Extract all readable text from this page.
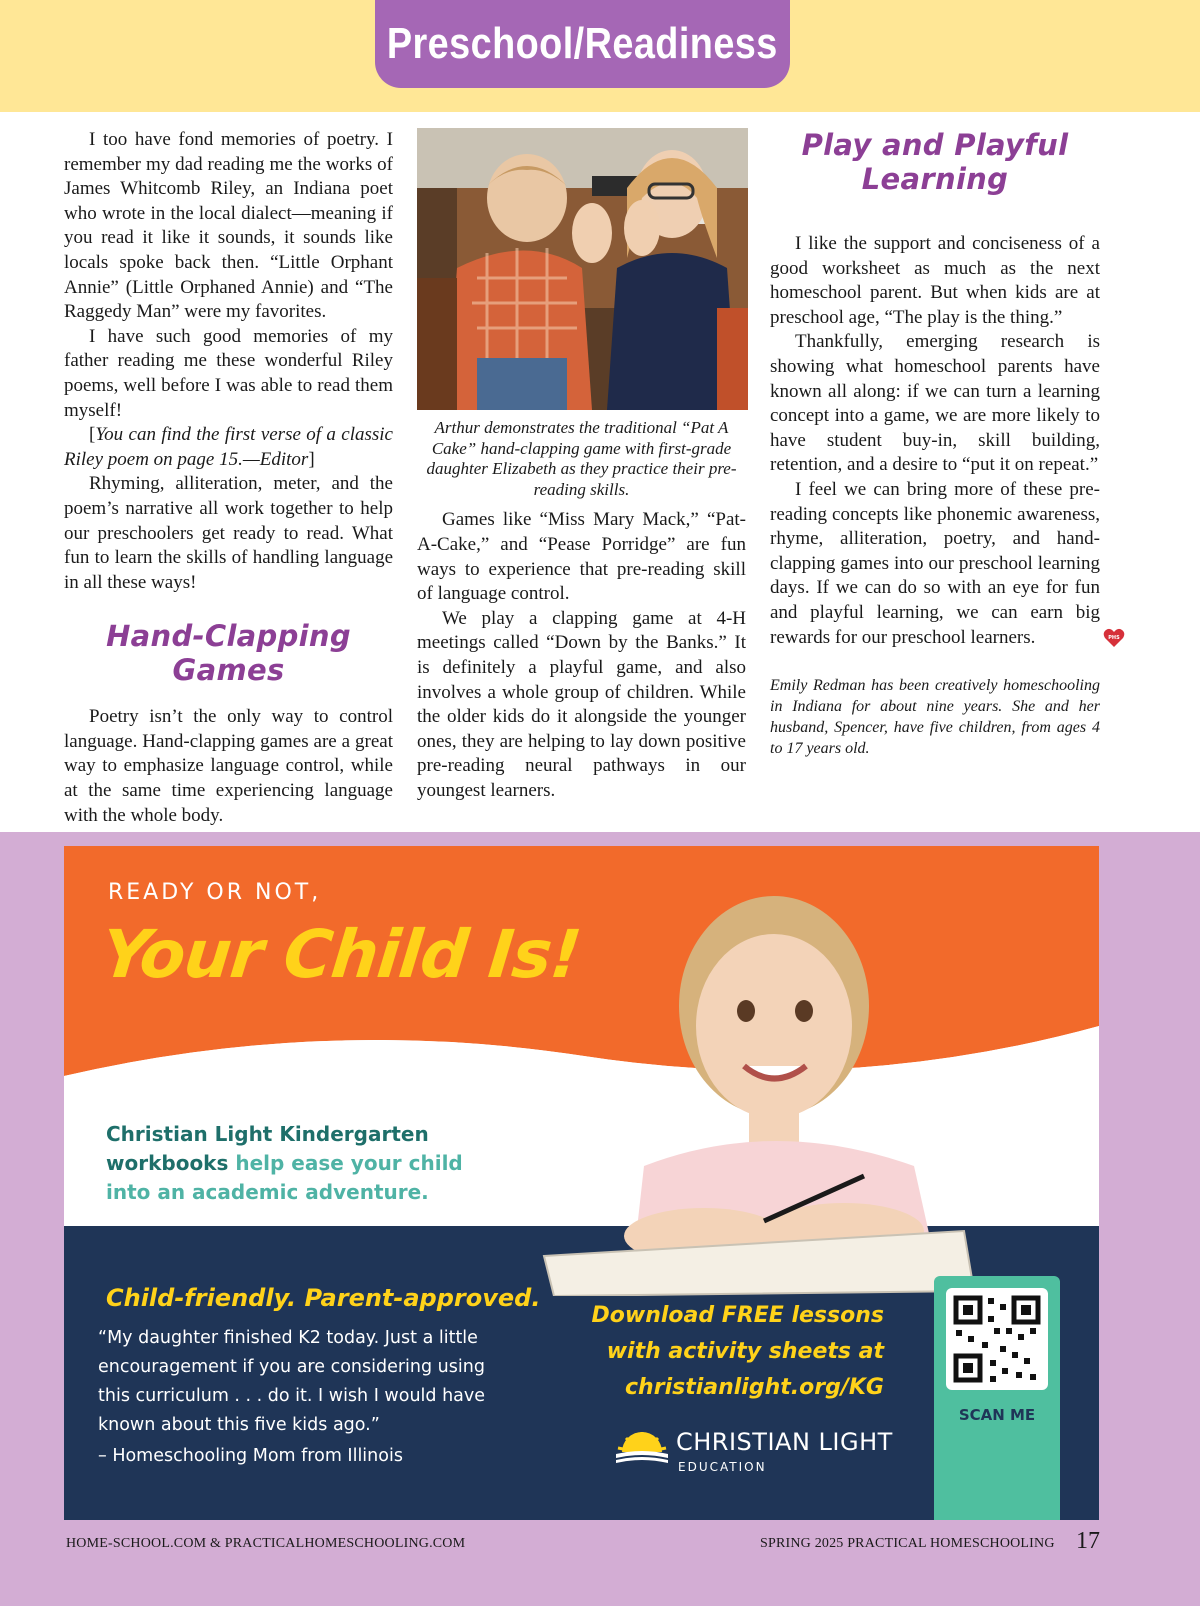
Preschool/Readiness

I too have fond memories of poetry. I remember my dad reading me the works of James Whitcomb Riley, an Indiana poet who wrote in the local dialect—meaning if you read it like it sounds, it sounds like locals spoke back then. “Little Orphant Annie” (Little Orphaned Annie) and “The Raggedy Man” were my favorites.

I have such good memories of my father reading me these wonderful Riley poems, well before I was able to read them myself!

[You can find the first verse of a classic Riley poem on page 15.—Editor]

Rhyming, alliteration, meter, and the poem’s narrative all work together to help our preschoolers get ready to read. What fun to learn the skills of handling language in all these ways!

Hand-Clapping Games

Poetry isn’t the only way to control language. Hand-clapping games are a great way to emphasize language control, while at the same time experiencing language with the whole body.

Arthur demonstrates the traditional “Pat A Cake” hand-clapping game with first-grade daughter Elizabeth as they practice their pre-reading skills.

Games like “Miss Mary Mack,” “Pat-A-Cake,” and “Pease Porridge” are fun ways to experience that pre-reading skill of language control.

We play a clapping game at 4-H meetings called “Down by the Banks.” It is definitely a playful game, and also involves a whole group of children. While the older kids do it alongside the younger ones, they are helping to lay down positive pre-reading neural pathways in our youngest learners.

Play and Playful Learning

I like the support and conciseness of a good worksheet as much as the next homeschool parent. But when kids are at preschool age, “The play is the thing.”

Thankfully, emerging research is showing what homeschool parents have known all along: if we can turn a learning concept into a game, we are more likely to have student buy-in, skill building, retention, and a desire to “put it on repeat.”

I feel we can bring more of these pre-reading concepts like phonemic awareness, rhyme, alliteration, poetry, and hand-clapping games into our preschool learning days. If we can do so with an eye for fun and playful learning, we can earn big rewards for our preschool learners.	PHS

Emily Redman has been creatively homeschooling in Indiana for about nine years. She and her husband, Spencer, have five children, from ages 4 to 17 years old.
READY OR NOT,
Your Child Is!
Christian Light Kindergarten workbooks help ease your child into an academic adventure.
Child-friendly. Parent-approved.
“My daughter finished K2 today. Just a little encouragement if you are considering using this curriculum . . . do it. I wish I would have known about this five kids ago.”
– Homeschooling Mom from Illinois
Download FREE lessons
with activity sheets at
christianlight.org/KG
CHRISTIAN LIGHT
EDUCATION
SCAN ME
HOME-SCHOOL.COM & PRACTICALHOMESCHOOLING.COM	SPRING 2025 PRACTICAL HOMESCHOOLING 17
